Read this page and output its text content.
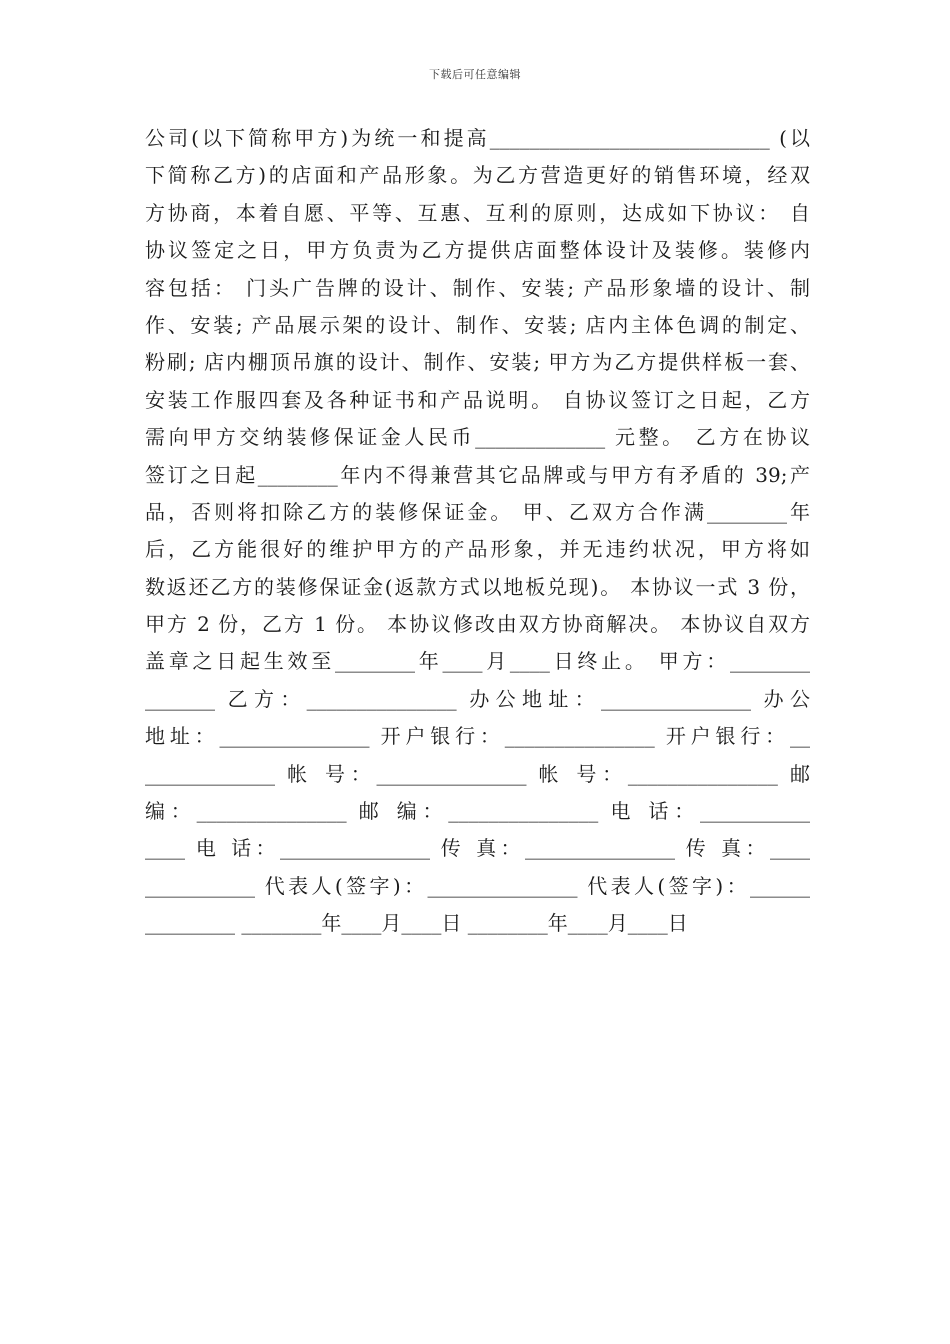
下载后可任意编辑
公司(以下简称甲方)为统一和提高____________________________ (以
下简称乙方)的店面和产品形象。为乙方营造更好的销售环境，经双
方协商，本着自愿、平等、互惠、互利的原则，达成如下协议： 自
协议签定之日，甲方负责为乙方提供店面整体设计及装修。装修内
容包括： 门头广告牌的设计、制作、安装; 产品形象墙的设计、制
作、安装; 产品展示架的设计、制作、安装; 店内主体色调的制定、
粉刷; 店内棚顶吊旗的设计、制作、安装; 甲方为乙方提供样板一套、
安装工作服四套及各种证书和产品说明。 自协议签订之日起，乙方
需向甲方交纳装修保证金人民币_____________ 元整。 乙方在协议
签订之日起________年内不得兼营其它品牌或与甲方有矛盾的 39;产
品，否则将扣除乙方的装修保证金。 甲、乙双方合作满________年
后，乙方能很好的维护甲方的产品形象，并无违约状况，甲方将如
数返还乙方的装修保证金(返款方式以地板兑现)。 本协议一式 3 份，
甲方 2 份，乙方 1 份。 本协议修改由双方协商解决。 本协议自双方
盖章之日起生效至________年____月____日终止。 甲方：________
_______ 乙方：_______________ 办公地址：_______________ 办公
地址：_______________ 开户银行：_______________ 开户银行：__
_____________ 帐 号：_______________ 帐 号：_______________ 邮
编：_______________ 邮 编：_______________ 电 话：___________
____ 电 话：_______________ 传 真：_______________ 传 真：____
___________ 代表人(签字)：_______________ 代表人(签字)：______
_________ ________年____月____日 ________年____月____日
